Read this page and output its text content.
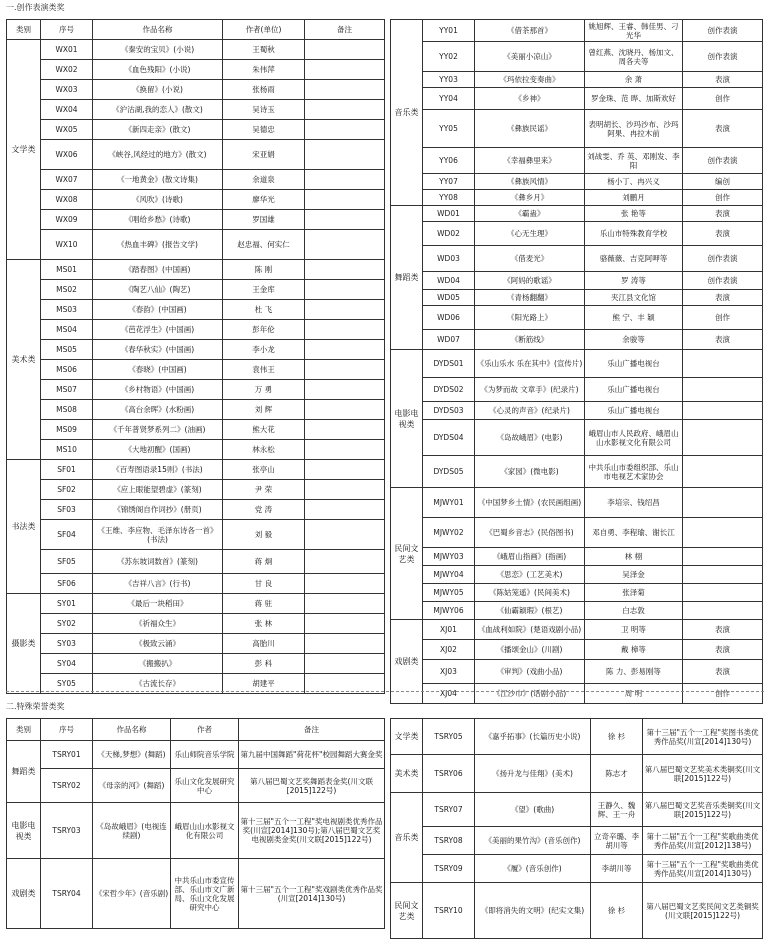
一.创作表演类奖
类别	序号	作品名称	作者(单位)	备注

文学类	WX01	《秦安的宝贝》(小说)	王蜀秋	
	WX02	《血色残阳》(小说)	朱伟萍	
	WX03	《换留》(小说)	张杨雨	
	WX04	《沪沽湖,我的恋人》(散文)	吴诗玉	
	WX05	《新四走亲》(散文)	吴德忠	
	WX06	《峡谷,风经过的地方》(散文)	宋亚娟	
	WX07	《一地黄金》(散文诗集)	余道泉	
	WX08	《风吹》(诗歌)	廖华光	
	WX09	《唱给乡愁》(诗歌)	罗国雄	
	WX10	《热血丰碑》(报告文学)	赵忠福、何实仁	

美术类	MS01	《踏春图》(中国画)	陈 刚	
	MS02	《陶艺八仙》(陶艺)	王金库	
	MS03	《春韵》(中国画)	杜 飞	
	MS04	《芭花浮生》(中国画)	彭年伦	
	MS05	《春华秋实》(中国画)	李小龙	
	MS06	《春晓》(中国画)	袁伟王	
	MS07	《乡村物语》(中国画)	万 勇	
	MS08	《高台余晖》(水粉画)	刘 辉	
	MS09	《千年普贤梦系列二》(油画)	熊大花	
	MS10	《大地初醒》(国画)	林永松	

书法类	SF01	《百寿图语录15则》(书法)	张亭山	
	SF02	《应上眼能望碧虚》(篆刻)	尹 荣	
	SF03	《锦绣阁自作词抄》(册页)	党 涛	
	SF04	《王维、李应物、毛泽东诗各一首》(书法)	刘 毅	
	SF05	《苏东坡词数首》(篆刻)	蒋 炯	
	SF06	《吉祥八言》(行书)	甘 良	

摄影类	SY01	《最后一块稻田》	蒋 驻	
	SY02	《祈福众生》	张 林	
	SY03	《极致云涌》	高胎川	
	SY04	《搬搬扒》	彭 科	
	SY05	《古流长存》	胡建平	
音乐类	YY01	《借茶那首》	姚旭辉、王睿、韩佳男、刁光华	创作表演
	YY02	《美丽小凉山》	曾红燕、沈晓丹、杨加文、周各夫等	创作表演
	YY03	《玛依拉变奏曲》	余 萧	表演
	YY04	《乡神》	罗金珠、范 晔、加斯欢好	创作
	YY05	《彝族民谣》	表明胡长、沙玛沙布、沙玛阿果、冉拉木前	表演
	YY06	《幸福彝里来》	刘战雯、乔 英、邓刚发、李 阳	创作表演
	YY07	《彝族风情》	杨小丁、冉兴义	编创
	YY08	《彝乡月》	刘鹏月	创作

舞蹈类	WD01	《霸蛊》	张 艳等	表演
	WD02	《心无生理》	乐山市特殊教育学校	表演
	WD03	《借麦光》	骆薇薇、吉克阿呷等	创作表演
	WD04	《阿妈的歌谣》	罗 涛等	创作表演
	WD05	《青杨翻翻》	夹江县文化馆	表演
	WD06	《阳光路上》	熊 宁、丰 颖	创作
	WD07	《断筋线》	余骏等	表演

电影电视类	DYDS01	《乐山乐水 乐在其中》(宣传片)	乐山广播电视台	
	DYDS02	《为梦而故 文章手》(纪录片)	乐山广播电视台	
	DYDS03	《心灵的声音》(纪录片)	乐山广播电视台	
	DYDS04	《岛故峨眉》(电影)	峨眉山市人民政府、峨眉山山水影视文化有限公司	
	DYDS05	《家园》(微电影)	中共乐山市委组织部、乐山市电视艺术家协会	

民间文艺类	MJWY01	《中国梦乡土情》(农民画组画)	李培宗、钱绍昌	
	MJWY02	《巴蜀乡音志》(民俗图书)	邓自勇、李程瑜、谢长江	
	MJWY03	《峨眉山指画》(指画)	林 栩	
	MJWY04	《思恋》(工艺美术)	吴泽金	
	MJWY05	《陈姑笼遥》(民间美术)	张泽菊	
	MJWY06	《仙霸颖瑕》(根艺)	白志敦	

戏剧类	XJ01	《血战利如院》(楚语戏剧小品)	卫 明等	表演
	XJ02	《播颂金山》(川剧)	戴 樟等	表演
	XJ03	《审判》(戏曲小品)	陈 力、彭易刚等	表演
	XJ04	《江沙巾》(话剧小品)	周 明	创作
二.特殊荣誉类奖
类别	序号	作品名称	作者	备注

舞蹈类	TSRY01	《天梯,梦想》(舞蹈)	乐山师院音乐学院	第九届中国舞蹈"荷花杯"校园舞蹈大赛金奖
	TSRY02	《母亲的河》(舞蹈)	乐山文化发展研究中心	第八届巴蜀文艺奖舞蹈表金奖(川文联[2015]122号)

电影电视类	TSRY03	《岛故峨眉》(电视连续剧)	峨眉山山水影视文化有限公司	第十三届"五个一工程"奖电视剧类优秀作品奖(川宣[2014]130号);第八届巴蜀文艺奖电视剧类金奖(川文联[2015]122号)

戏剧类	TSRY04	《宋哲少年》(音乐剧)	中共乐山市委宣传部、乐山市文广新局、乐山文化发展研究中心	第十三届"五个一工程"奖戏剧类优秀作品奖(川宣[2014]130号)
文学类	TSRY05	《嘉乎拓事》(长篇历史小说)	徐 杉	第十三届"五个一工程"奖图书类优秀作品奖(川宣[2014]130号)

美术类	TSRY06	《扬升龙与佳翔》(美术)	陈志才	第八届巴蜀文艺奖美术类铜奖(川文联[2015]122号)

音乐类	TSRY07	《望》(歌曲)	王静久、魏 辉、王一舟	第八届巴蜀文艺奖音乐类铜奖(川文联[2015]122号)
	TSRY08	《美丽的果竹沟》(音乐创作)	立奇辛璐、李胡川等	第十二届"五个一工程"奖歌曲类优秀作品奖(川宣[2012]138号)
	TSRY09	《履》(音乐创作)	李胡川等	第十三届"五个一工程"奖歌曲类优秀作品奖(川宣[2014]130号)

民间文艺类	TSRY10	《即将消失的文明》(纪实文集)	徐 杉	第八届巴蜀文艺奖民间文艺类铜奖(川文联[2015]122号)
